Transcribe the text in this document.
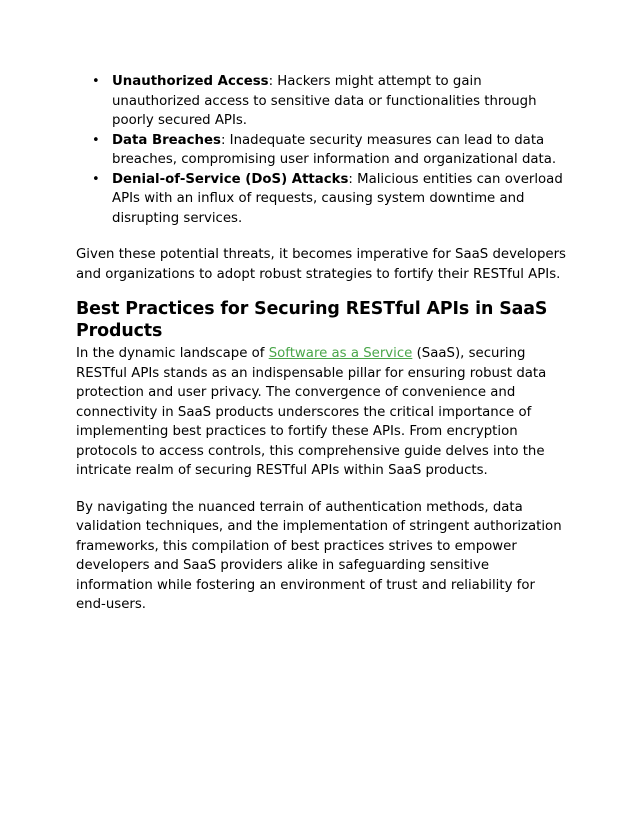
• Unauthorized Access: Hackers might attempt to gain unauthorized access to sensitive data or functionalities through poorly secured APIs.
• Data Breaches: Inadequate security measures can lead to data breaches, compromising user information and organizational data.
• Denial-of-Service (DoS) Attacks: Malicious entities can overload APIs with an influx of requests, causing system downtime and disrupting services.

Given these potential threats, it becomes imperative for SaaS developers and organizations to adopt robust strategies to fortify their RESTful APIs.

Best Practices for Securing RESTful APIs in SaaS Products

In the dynamic landscape of Software as a Service (SaaS), securing RESTful APIs stands as an indispensable pillar for ensuring robust data protection and user privacy. The convergence of convenience and connectivity in SaaS products underscores the critical importance of implementing best practices to fortify these APIs. From encryption protocols to access controls, this comprehensive guide delves into the intricate realm of securing RESTful APIs within SaaS products.

By navigating the nuanced terrain of authentication methods, data validation techniques, and the implementation of stringent authorization frameworks, this compilation of best practices strives to empower developers and SaaS providers alike in safeguarding sensitive information while fostering an environment of trust and reliability for end-users.
